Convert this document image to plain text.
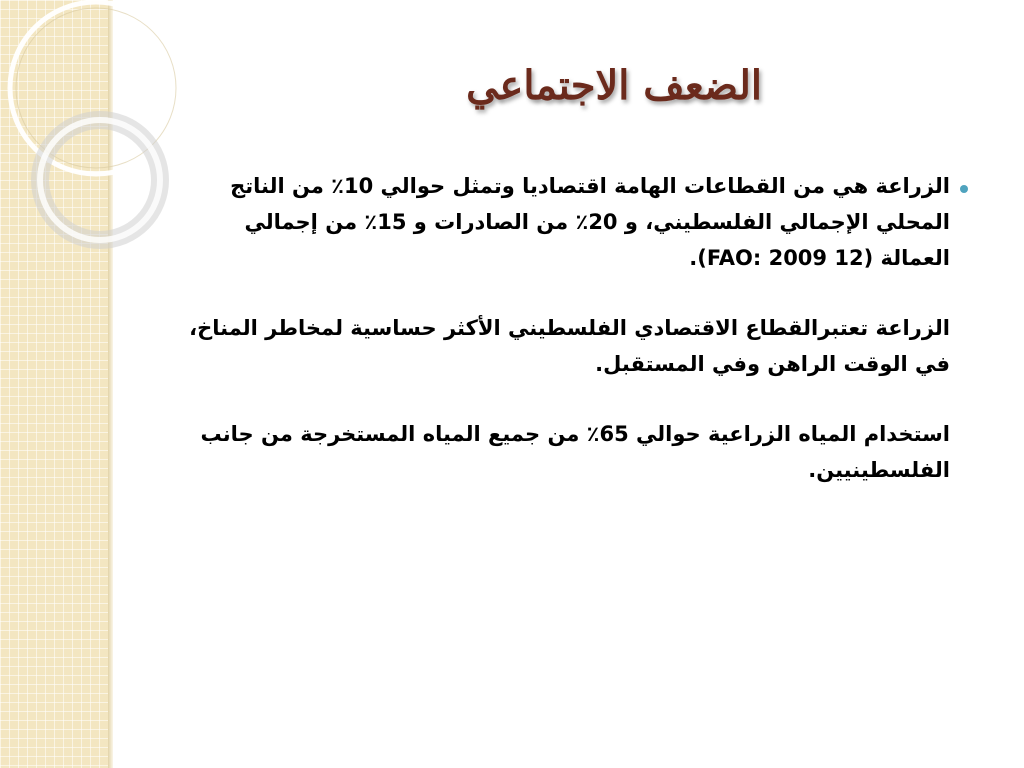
الضعف الاجتماعي

الزراعة هي من القطاعات الهامة اقتصاديا وتمثل حوالي 10٪ من الناتج المحلي الإجمالي الفلسطيني، و 20٪ من الصادرات و 15٪ من إجمالي العمالة (FAO: 2009 12).

الزراعة تعتبرالقطاع الاقتصادي الفلسطيني الأكثر حساسية لمخاطر المناخ، في الوقت الراهن وفي المستقبل.

استخدام المياه الزراعية حوالي 65٪ من جميع المياه المستخرجة من جانب الفلسطينيين.
